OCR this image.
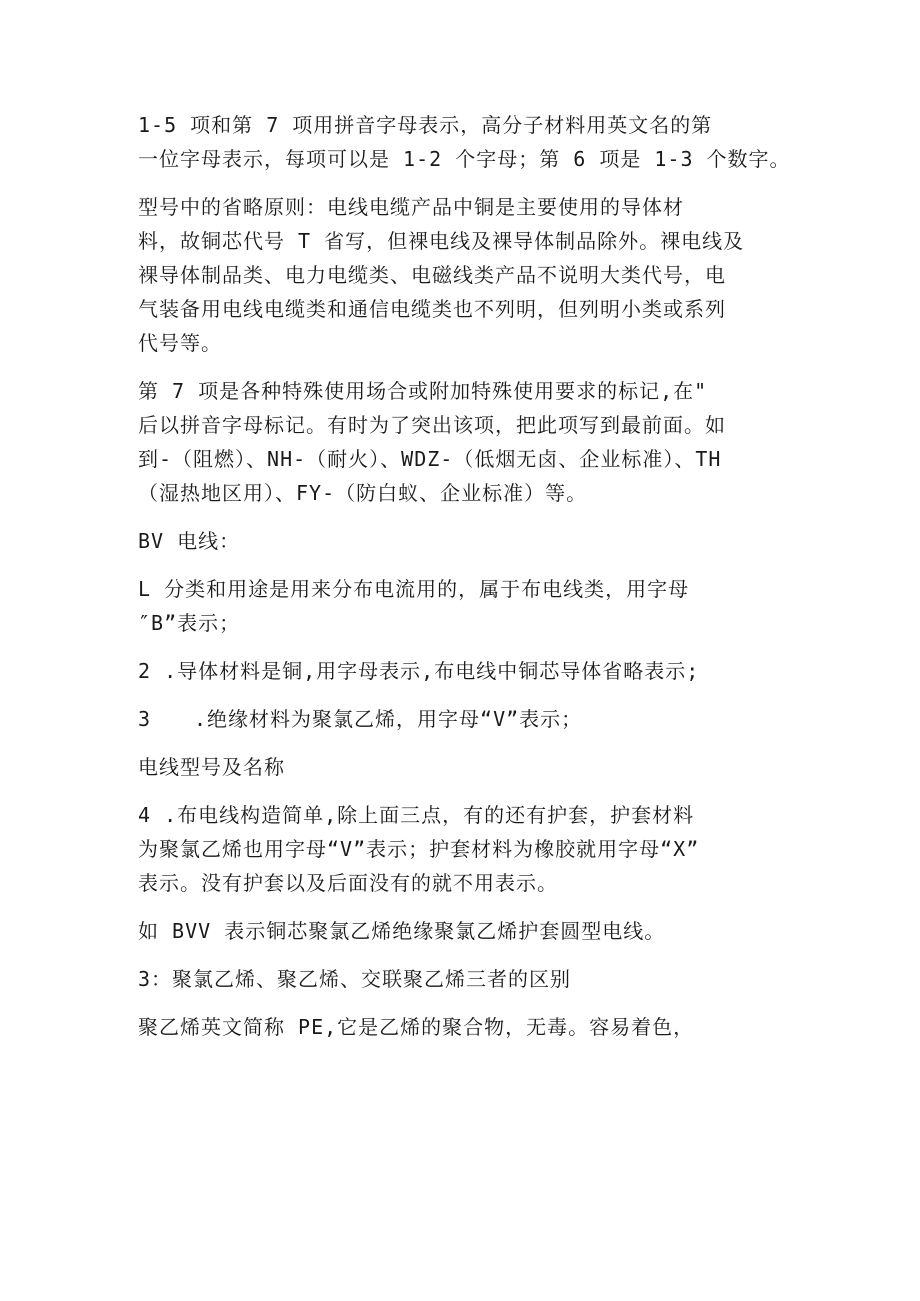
1-5 项和第 7 项用拼音字母表示，高分子材料用英文名的第
一位字母表示，每项可以是 1-2 个字母；第 6 项是 1-3 个数字。

型号中的省略原则：电线电缆产品中铜是主要使用的导体材
料，故铜芯代号 T 省写，但裸电线及裸导体制品除外。裸电线及
裸导体制品类、电力电缆类、电磁线类产品不说明大类代号，电
气装备用电线电缆类和通信电缆类也不列明，但列明小类或系列
代号等。

第 7 项是各种特殊使用场合或附加特殊使用要求的标记,在"
后以拼音字母标记。有时为了突出该项，把此项写到最前面。如
到-（阻燃）、NH-（耐火）、WDZ-（低烟无卤、企业标准）、TH
（湿热地区用）、FY-（防白蚁、企业标准）等。

BV 电线：

L 分类和用途是用来分布电流用的，属于布电线类，用字母
″B”表示；

2 .导体材料是铜,用字母表示,布电线中铜芯导体省略表示;

3 .绝缘材料为聚氯乙烯，用字母“V”表示；

电线型号及名称

4 .布电线构造简单,除上面三点，有的还有护套，护套材料
为聚氯乙烯也用字母“V”表示；护套材料为橡胶就用字母“X”
表示。没有护套以及后面没有的就不用表示。

如 BVV 表示铜芯聚氯乙烯绝缘聚氯乙烯护套圆型电线。

3：聚氯乙烯、聚乙烯、交联聚乙烯三者的区别

聚乙烯英文简称 PE,它是乙烯的聚合物，无毒。容易着色，
